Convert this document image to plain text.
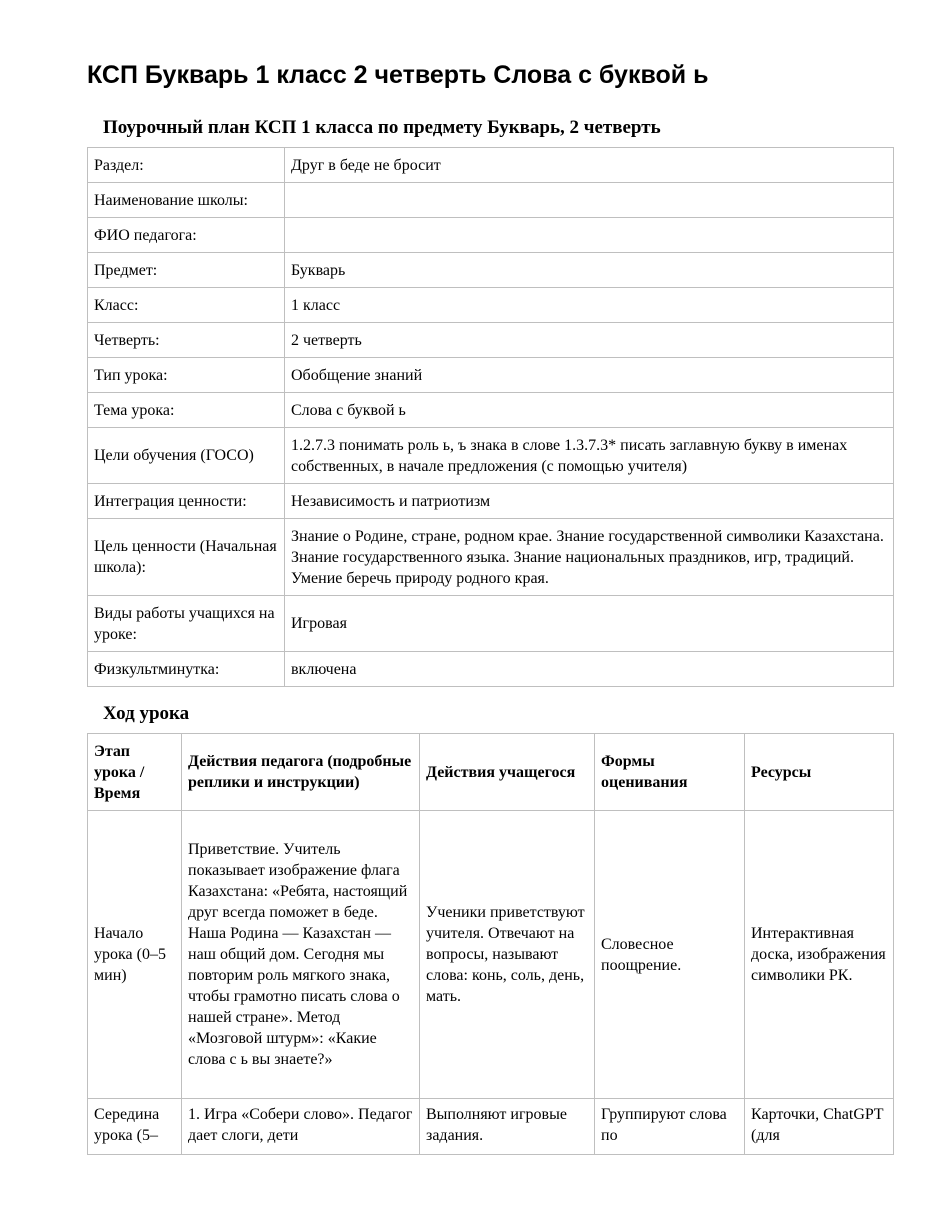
КСП Букварь 1 класс 2 четверть Слова с буквой ь
Поурочный план КСП 1 класса по предмету Букварь, 2 четверть
Раздел:	Друг в беде не бросит
Наименование школы:	
ФИО педагога:	
Предмет:	Букварь
Класс:	1 класс
Четверть:	2 четверть
Тип урока:	Обобщение знаний
Тема урока:	Слова с буквой ь
Цели обучения (ГОСО)	1.2.7.3 понимать роль ь, ъ знака в слове 1.3.7.3* писать заглавную букву в именах собственных, в начале предложения (с помощью учителя)
Интеграция ценности:	Независимость и патриотизм
Цель ценности (Начальная школа):	Знание о Родине, стране, родном крае. Знание государственной символики Казахстана. Знание государственного языка. Знание национальных праздников, игр, традиций. Умение беречь природу родного края.
Виды работы учащихся на уроке:	Игровая
Физкультминутка:	включена
Ход урока
Этап урока / Время	Действия педагога (подробные реплики и инструкции)	Действия учащегося	Формы оценивания	Ресурсы
Начало урока (0–5 мин)	Приветствие. Учитель показывает изображение флага Казахстана: «Ребята, настоящий друг всегда поможет в беде. Наша Родина — Казахстан — наш общий дом. Сегодня мы повторим роль мягкого знака, чтобы грамотно писать слова о нашей стране». Метод «Мозговой штурм»: «Какие слова с ь вы знаете?»	Ученики приветствуют учителя. Отвечают на вопросы, называют слова: конь, соль, день, мать.	Словесное поощрение.	Интерактивная доска, изображения символики РК.
Середина урока (5–	1. Игра «Собери слово». Педагог дает слоги, дети	Выполняют игровые задания.	Группируют слова по	Карточки, ChatGPT (для
